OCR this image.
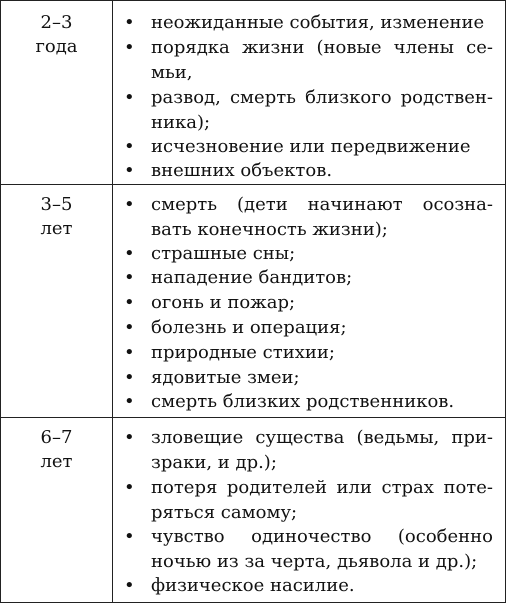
2–3
года
• неожиданные события, изменение
• порядка жизни (новые члены се-
мьи,
• развод, смерть близкого родствен-
ника);
• исчезновение или передвижение
• внешних объектов.
3–5
лет
• смерть (дети начинают осозна-
вать конечность жизни);
• страшные сны;
• нападение бандитов;
• огонь и пожар;
• болезнь и операция;
• природные стихии;
• ядовитые змеи;
• смерть близких родственников.
6–7
лет
• зловещие существа (ведьмы, при-
зраки, и др.);
• потеря родителей или страх поте-
ряться самому;
• чувство одиночество (особенно
ночью из за черта, дьявола и др.);
• физическое насилие.
